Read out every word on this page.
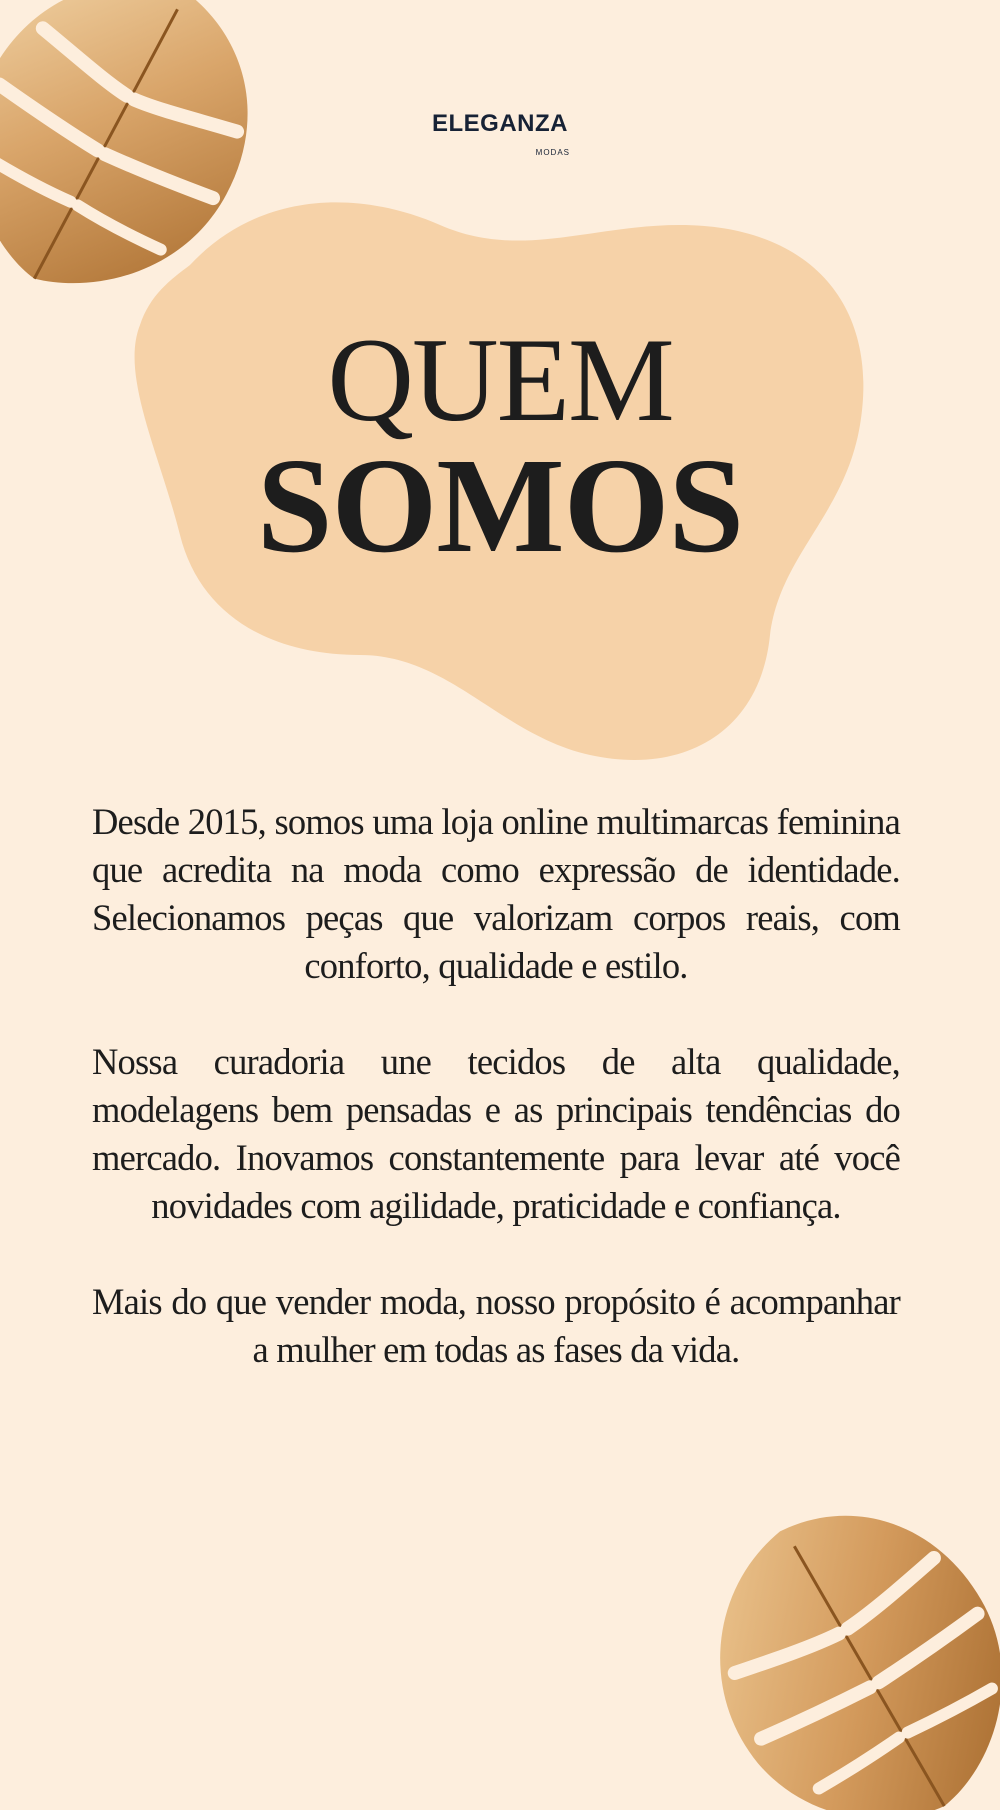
ELEGANZA
MODAS
QUEM
SOMOS

Desde 2015, somos uma loja online multimarcas feminina que acredita na moda como expressão de identidade. Selecionamos peças que valorizam corpos reais, com conforto, qualidade e estilo.

Nossa curadoria une tecidos de alta qualidade, modelagens bem pensadas e as principais tendências do mercado. Inovamos constantemente para levar até você novidades com agilidade, praticidade e confiança.

Mais do que vender moda, nosso propósito é acompanhar a mulher em todas as fases da vida.
